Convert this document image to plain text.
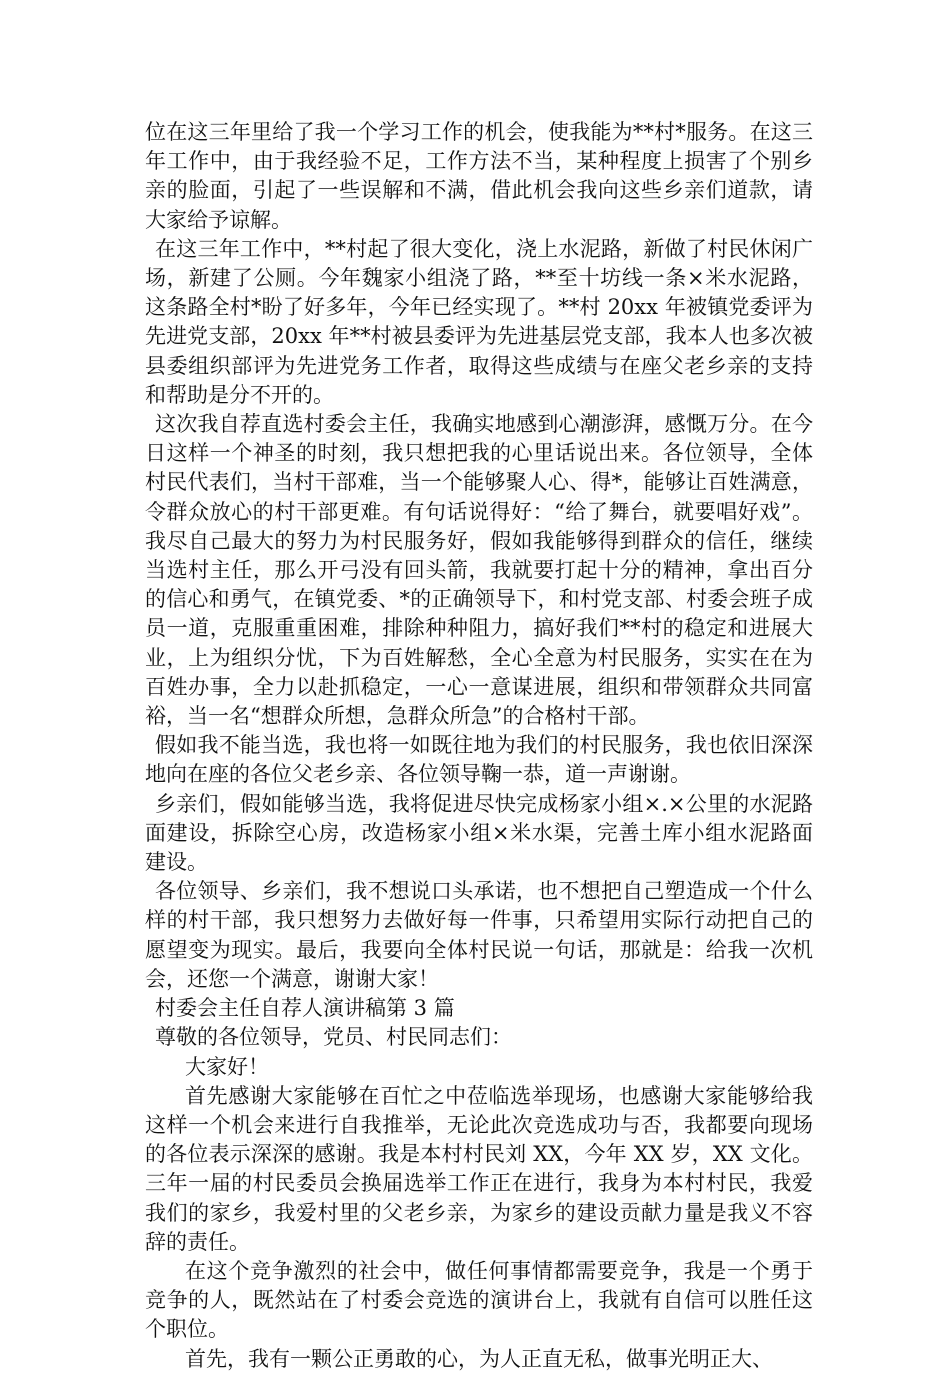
位在这三年里给了我一个学习工作的机会，使我能为**村*服务。在这三年工作中，由于我经验不足，工作方法不当，某种程度上损害了个别乡亲的脸面，引起了一些误解和不满，借此机会我向这些乡亲们道款，请大家给予谅解。

在这三年工作中，**村起了很大变化，浇上水泥路，新做了村民休闲广场，新建了公厕。今年魏家小组浇了路，**至十坊线一条×米水泥路，这条路全村*盼了好多年，今年已经实现了。**村 20xx 年被镇党委评为先进党支部，20xx 年**村被县委评为先进基层党支部，我本人也多次被县委组织部评为先进党务工作者，取得这些成绩与在座父老乡亲的支持和帮助是分不开的。

这次我自荐直选村委会主任，我确实地感到心潮澎湃，感慨万分。在今日这样一个神圣的时刻，我只想把我的心里话说出来。各位领导，全体村民代表们，当村干部难，当一个能够聚人心、得*，能够让百姓满意，令群众放心的村干部更难。有句话说得好：“给了舞台，就要唱好戏”。我尽自己最大的努力为村民服务好，假如我能够得到群众的信任，继续当选村主任，那么开弓没有回头箭，我就要打起十分的精神，拿出百分的信心和勇气，在镇党委、*的正确领导下，和村党支部、村委会班子成员一道，克服重重困难，排除种种阻力，搞好我们**村的稳定和进展大业，上为组织分忧，下为百姓解愁，全心全意为村民服务，实实在在为百姓办事，全力以赴抓稳定，一心一意谋进展，组织和带领群众共同富裕，当一名“想群众所想，急群众所急”的合格村干部。

假如我不能当选，我也将一如既往地为我们的村民服务，我也依旧深深地向在座的各位父老乡亲、各位领导鞠一恭，道一声谢谢。

乡亲们，假如能够当选，我将促进尽快完成杨家小组×.×公里的水泥路面建设，拆除空心房，改造杨家小组×米水渠，完善土库小组水泥路面建设。

各位领导、乡亲们，我不想说口头承诺，也不想把自己塑造成一个什么样的村干部，我只想努力去做好每一件事，只希望用实际行动把自己的愿望变为现实。最后，我要向全体村民说一句话，那就是：给我一次机会，还您一个满意，谢谢大家！

村委会主任自荐人演讲稿第 3 篇

尊敬的各位领导，党员、村民同志们：

大家好！

首先感谢大家能够在百忙之中莅临选举现场，也感谢大家能够给我这样一个机会来进行自我推举，无论此次竞选成功与否，我都要向现场的各位表示深深的感谢。我是本村村民刘 XX，今年 XX 岁，XX 文化。三年一届的村民委员会换届选举工作正在进行，我身为本村村民，我爱我们的家乡，我爱村里的父老乡亲，为家乡的建设贡献力量是我义不容辞的责任。

在这个竞争激烈的社会中，做任何事情都需要竞争，我是一个勇于竞争的人，既然站在了村委会竞选的演讲台上，我就有自信可以胜任这个职位。

首先，我有一颗公正勇敢的心，为人正直无私，做事光明正大、
